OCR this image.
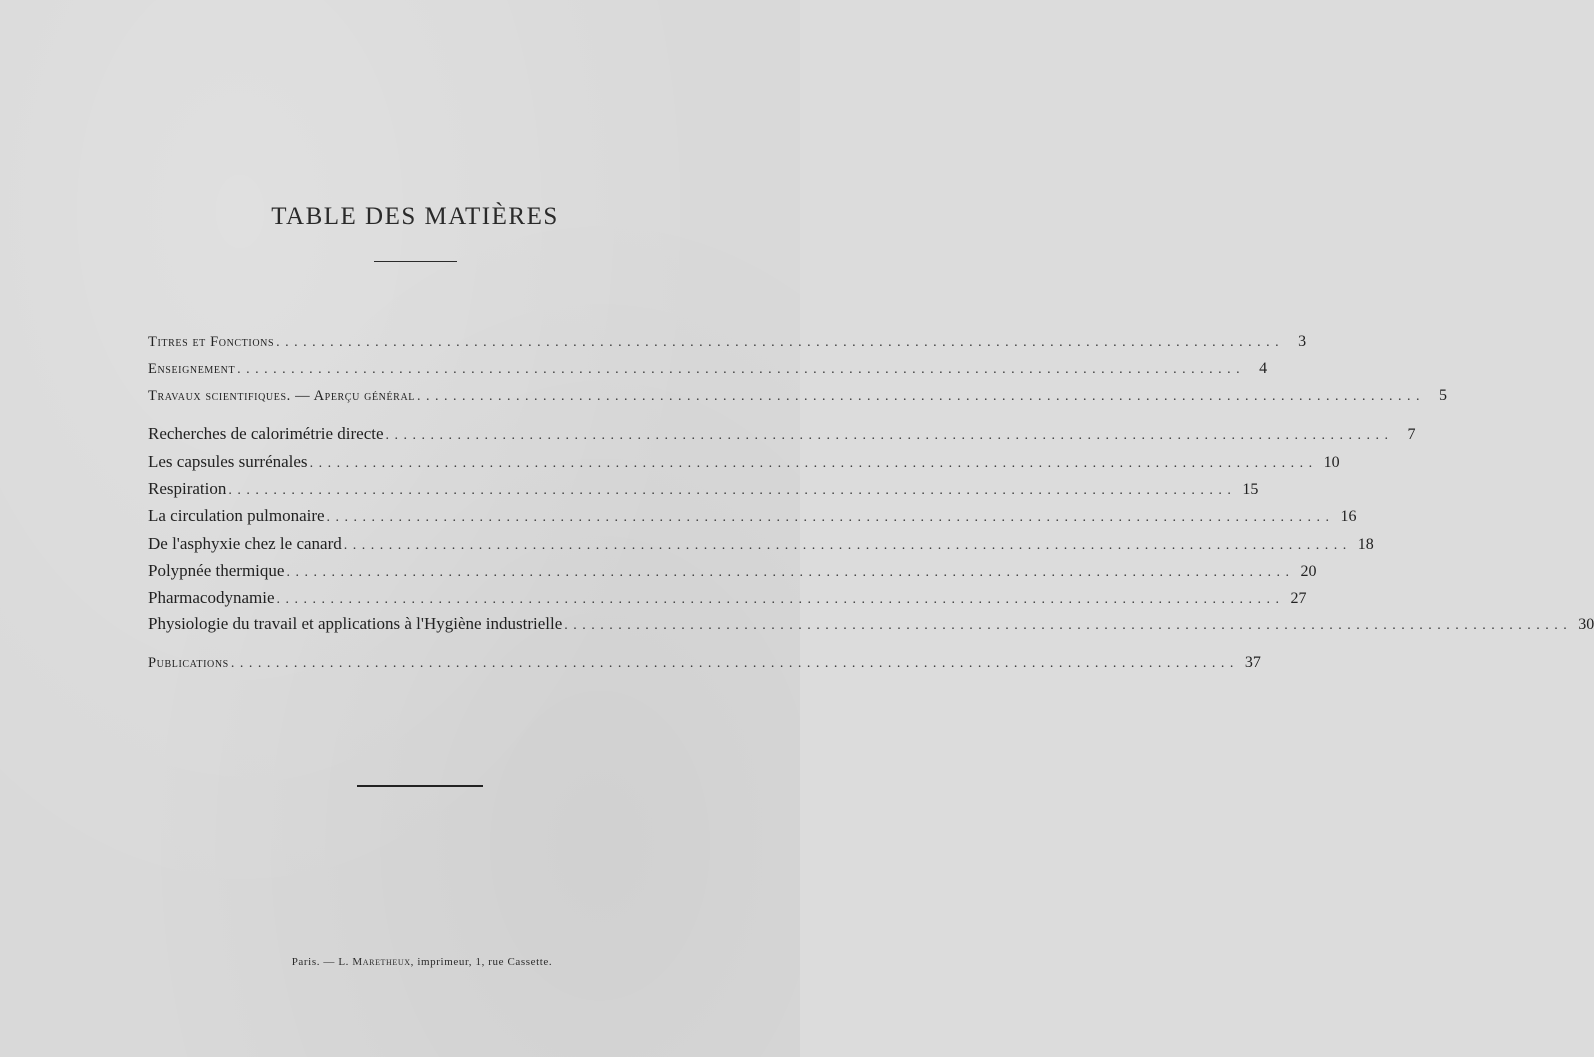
TABLE DES MATIÈRES
Titres et Fonctions ................................................................................................................ 3
Enseignement ................................................................................................................ 4
Travaux scientifiques. — Aperçu général ................................................................................................................ 5
Recherches de calorimétrie directe ................................................................................................................ 7
Les capsules surrénales ................................................................................................................ 10
Respiration ................................................................................................................ 15
La circulation pulmonaire ................................................................................................................ 16
De l'asphyxie chez le canard ................................................................................................................ 18
Polypnée thermique ................................................................................................................ 20
Pharmacodynamie ................................................................................................................ 27
Physiologie du travail et applications à l'Hygiène industrielle ................................................................................................................ 30
Publications ................................................................................................................ 37
Paris. — L. Maretheux, imprimeur, 1, rue Cassette.
